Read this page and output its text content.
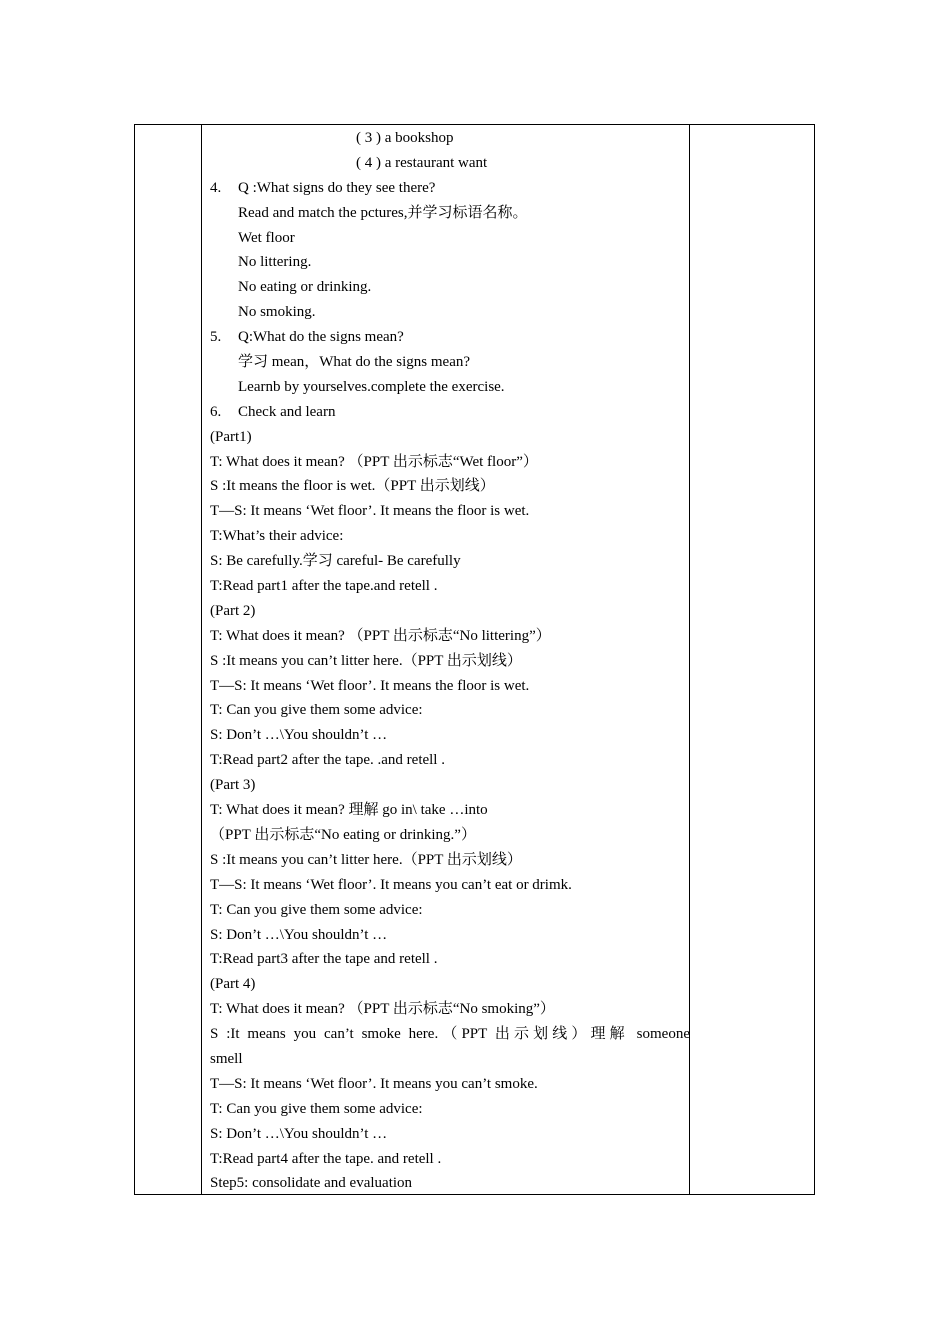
( 3 ) a bookshop
( 4 ) a restaurant want
4. Q :What signs do they see there?
Read and match the pctures,并学习标语名称。
Wet floor
No littering.
No eating or drinking.
No smoking.
5. Q:What do the signs mean?
学习 mean，What do the signs mean?
Learnb by yourselves.complete the exercise.
6. Check and learn
(Part1)
T: What does it mean? （PPT 出示标志“Wet floor”）
S :It means the floor is wet.（PPT 出示划线）
T—S: It means ‘Wet floor’. It means the floor is wet.
T:What’s their advice:
S: Be carefully.学习 careful- Be carefully
T:Read part1 after the tape.and retell .
(Part 2)
T: What does it mean? （PPT 出示标志“No littering”）
S :It means you can’t litter here.（PPT 出示划线）
T—S: It means ‘Wet floor’. It means the floor is wet.
T: Can you give them some advice:
S: Don’t …\You shouldn’t …
T:Read part2 after the tape. .and retell .
(Part 3)
T: What does it mean? 理解 go in\ take …into
（PPT 出示标志“No eating or drinking.”）
S :It means you can’t litter here.（PPT 出示划线）
T—S: It means ‘Wet floor’. It means you can’t eat or drimk.
T: Can you give them some advice:
S: Don’t …\You shouldn’t …
T:Read part3 after the tape and retell .
(Part 4)
T: What does it mean? （PPT 出示标志“No smoking”）
S :It means you can’t smoke here.（PPT 出示划线）理解 someone
smell
T—S: It means ‘Wet floor’. It means you can’t smoke.
T: Can you give them some advice:
S: Don’t …\You shouldn’t …
T:Read part4 after the tape. and retell .
Step5: consolidate and evaluation
